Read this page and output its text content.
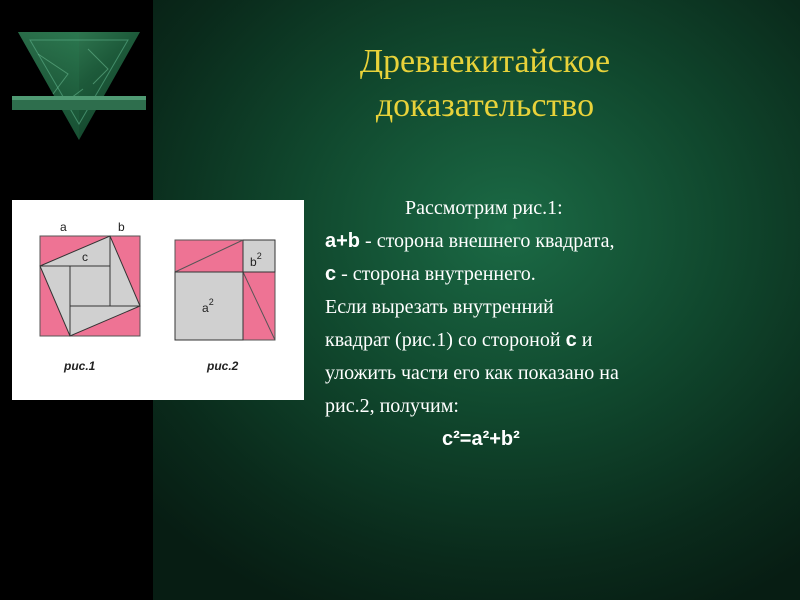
Древнекитайское
доказательство
a	b
c
рис.1
$b^2$
$a^2$
рис.2
Рассмотрим рис.1:
a+b - сторона внешнего квадрата,
c - сторона внутреннего.
Если вырезать внутренний
квадрат (рис.1) со стороной c и
уложить части его как показано на
рис.2, получим:
c²=a²+b²
